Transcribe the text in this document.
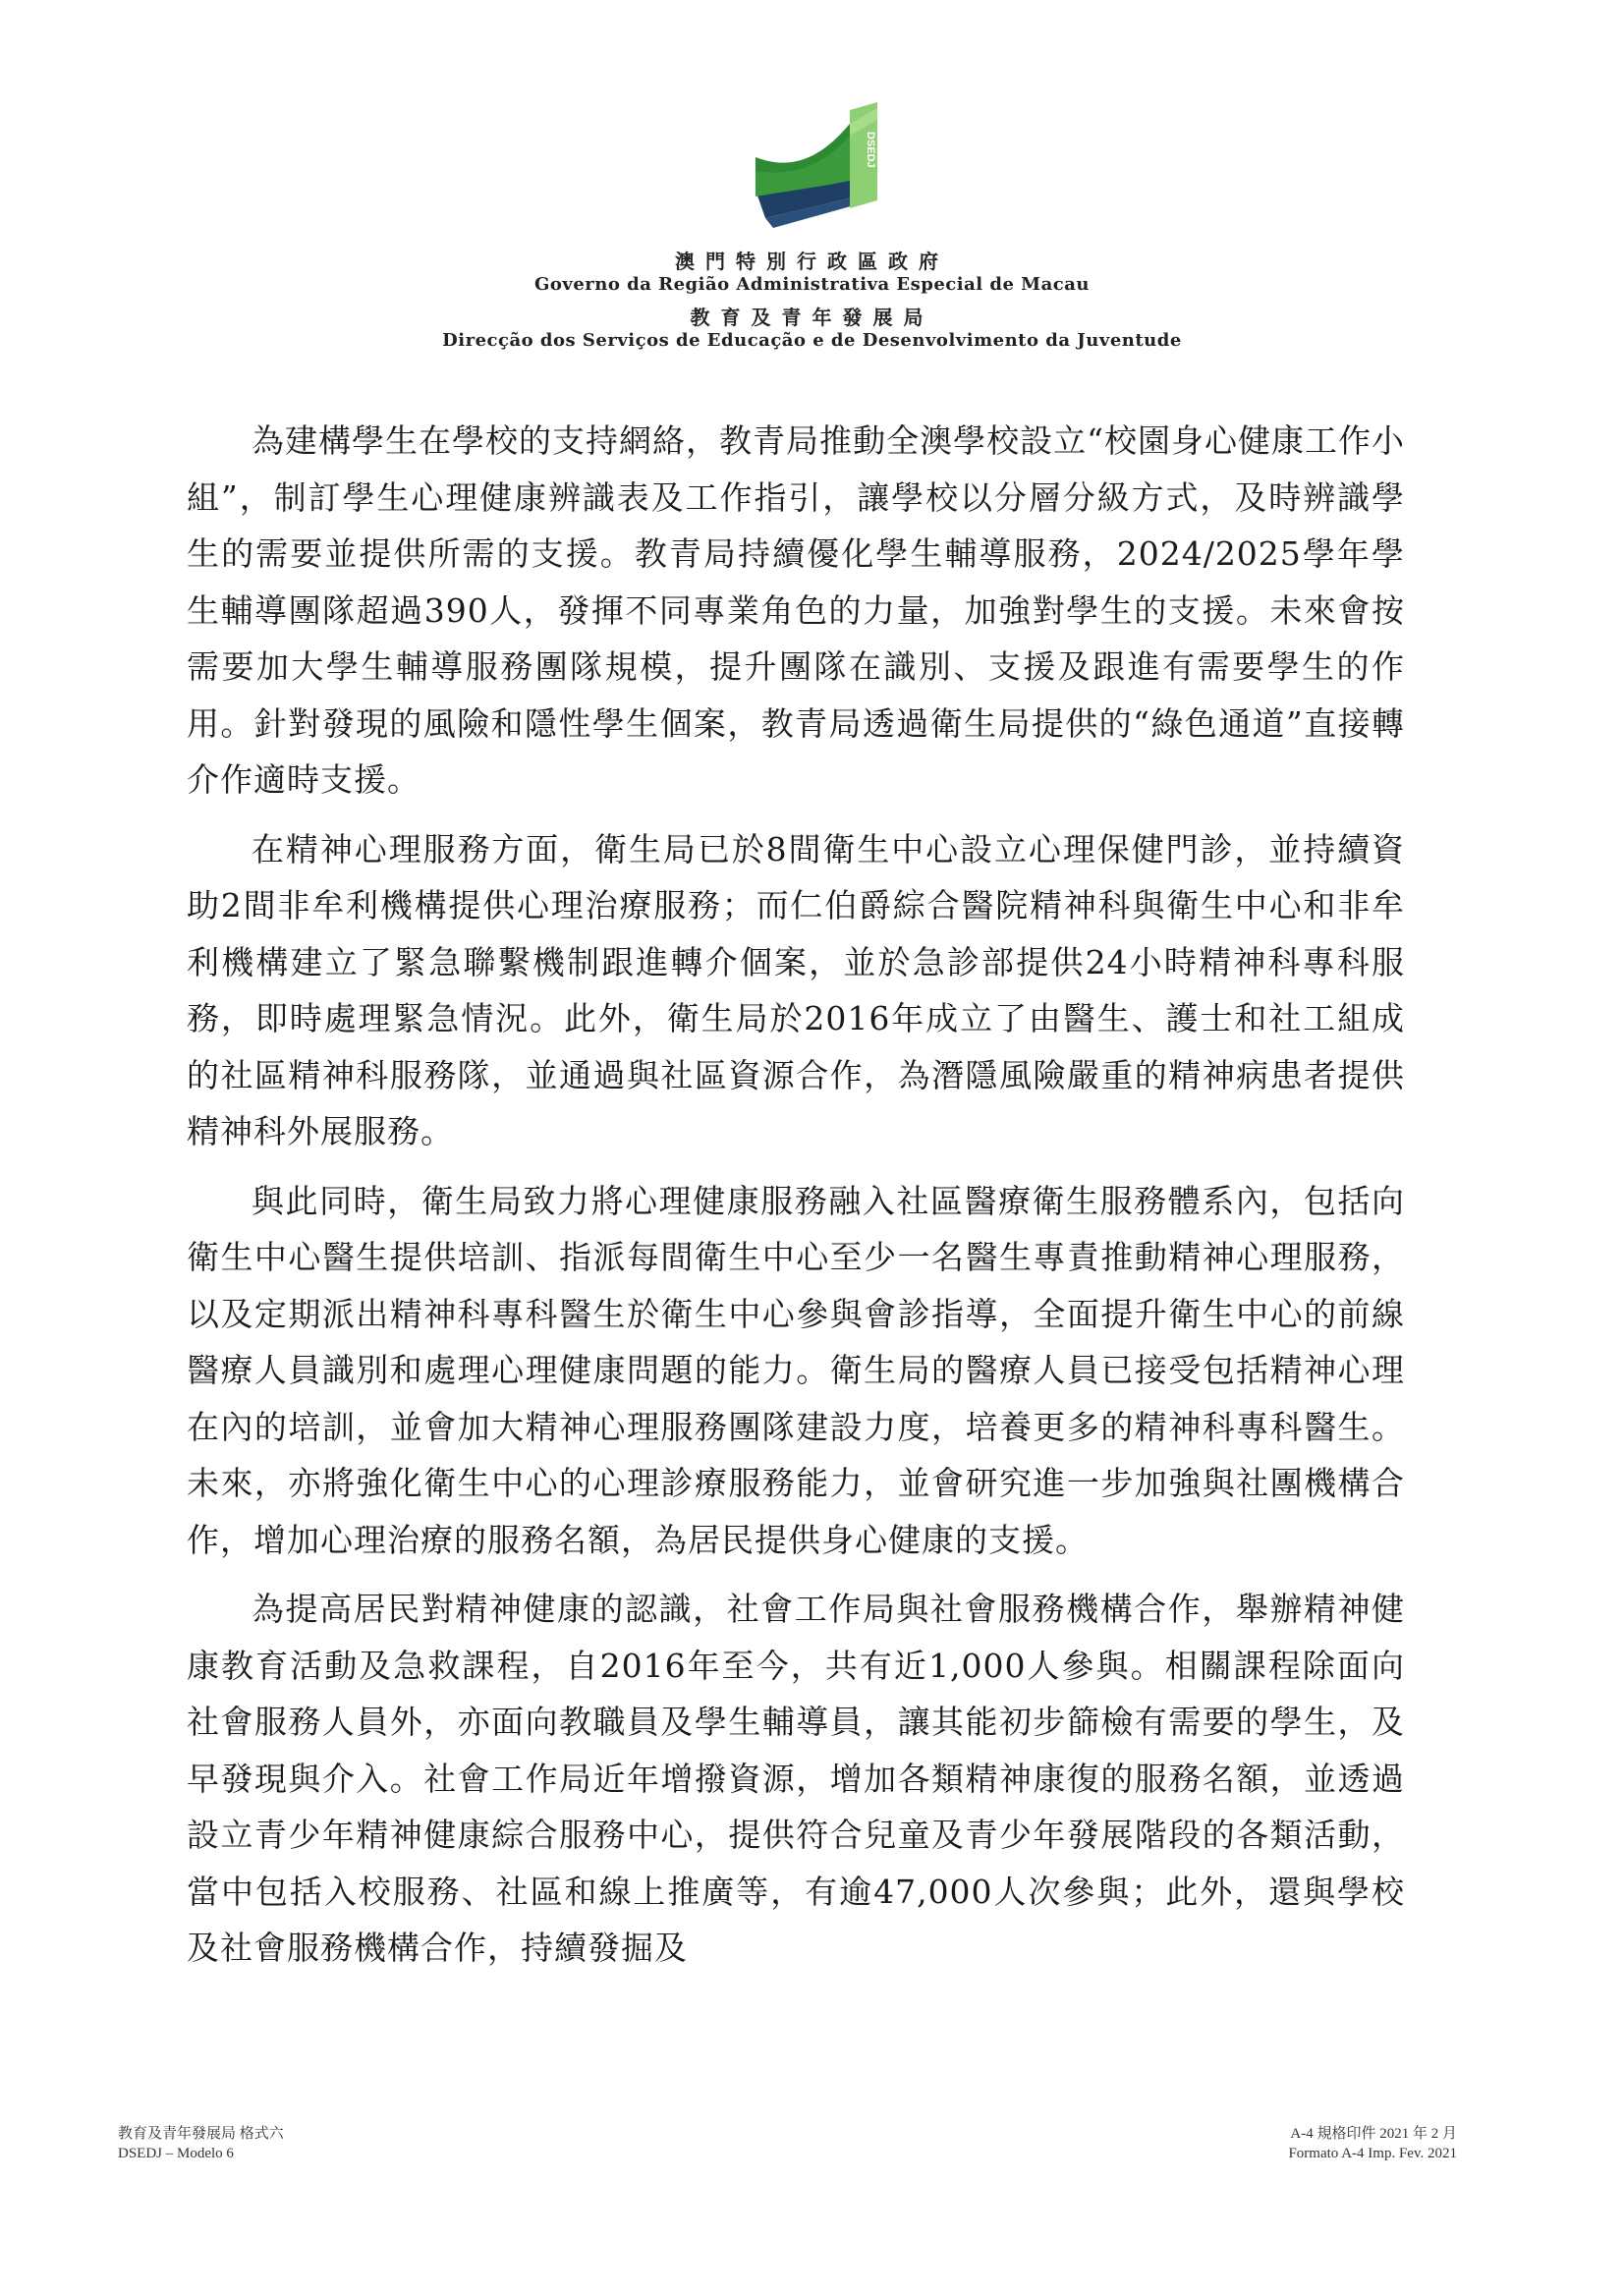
DSEDJ
澳門特別行政區政府
Governo da Região Administrativa Especial de Macau
教育及青年發展局
Direcção dos Serviços de Educação e de Desenvolvimento da Juventude

為建構學生在學校的支持網絡，教青局推動全澳學校設立“校園身心健康工作小組”，制訂學生心理健康辨識表及工作指引，讓學校以分層分級方式，及時辨識學生的需要並提供所需的支援。教青局持續優化學生輔導服務，2024/2025學年學生輔導團隊超過390人，發揮不同專業角色的力量，加強對學生的支援。未來會按需要加大學生輔導服務團隊規模，提升團隊在識別、支援及跟進有需要學生的作用。針對發現的風險和隱性學生個案，教青局透過衛生局提供的“綠色通道”直接轉介作適時支援。

在精神心理服務方面，衛生局已於8間衛生中心設立心理保健門診，並持續資助2間非牟利機構提供心理治療服務；而仁伯爵綜合醫院精神科與衛生中心和非牟利機構建立了緊急聯繫機制跟進轉介個案，並於急診部提供24小時精神科專科服務，即時處理緊急情況。此外，衛生局於2016年成立了由醫生、護士和社工組成的社區精神科服務隊，並通過與社區資源合作，為潛隱風險嚴重的精神病患者提供精神科外展服務。

與此同時，衛生局致力將心理健康服務融入社區醫療衛生服務體系內，包括向衛生中心醫生提供培訓、指派每間衛生中心至少一名醫生專責推動精神心理服務，以及定期派出精神科專科醫生於衛生中心參與會診指導，全面提升衛生中心的前線醫療人員識別和處理心理健康問題的能力。衛生局的醫療人員已接受包括精神心理在內的培訓，並會加大精神心理服務團隊建設力度，培養更多的精神科專科醫生。未來，亦將強化衛生中心的心理診療服務能力，並會研究進一步加強與社團機構合作，增加心理治療的服務名額，為居民提供身心健康的支援。

為提高居民對精神健康的認識，社會工作局與社會服務機構合作，舉辦精神健康教育活動及急救課程，自2016年至今，共有近1,000人參與。相關課程除面向社會服務人員外，亦面向教職員及學生輔導員，讓其能初步篩檢有需要的學生，及早發現與介入。社會工作局近年增撥資源，增加各類精神康復的服務名額，並透過設立青少年精神健康綜合服務中心，提供符合兒童及青少年發展階段的各類活動，當中包括入校服務、社區和線上推廣等，有逾47,000人次參與；此外，還與學校及社會服務機構合作，持續發掘及

教育及青年發展局 格式六
DSEDJ – Modelo 6
A-4 規格印件 2021 年 2 月
Formato A-4 Imp. Fev. 2021
